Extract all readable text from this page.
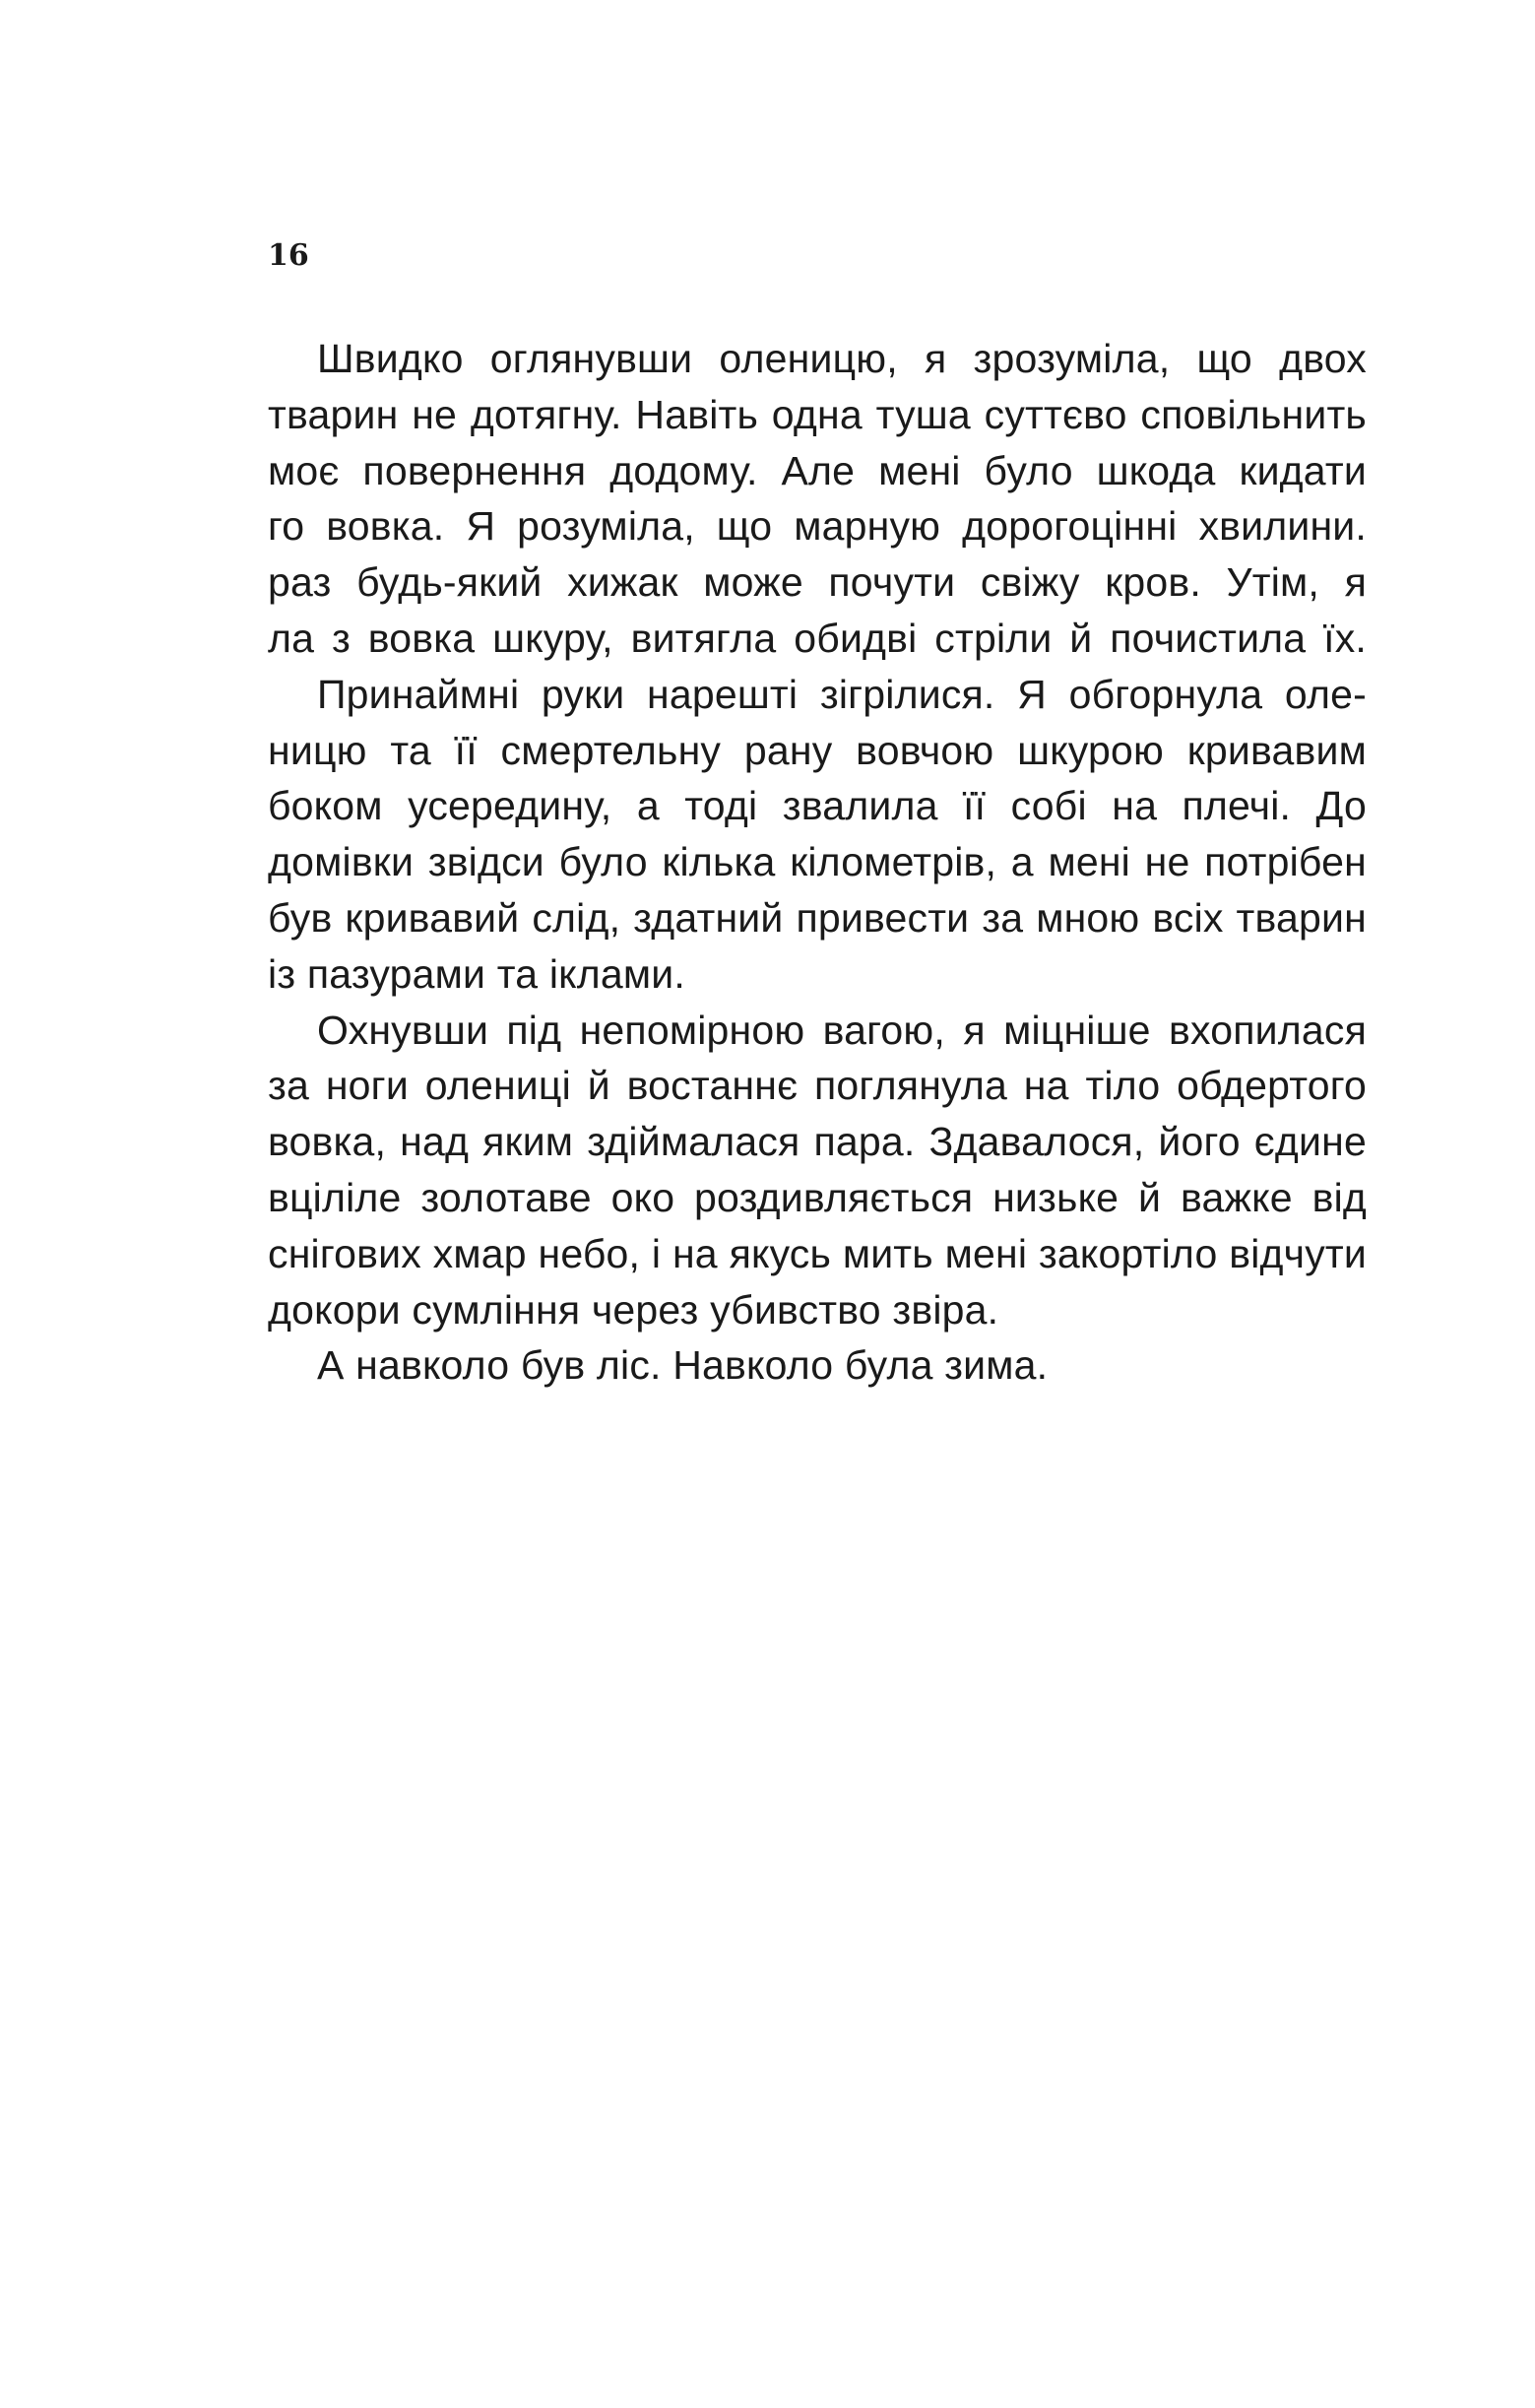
16

Швидко оглянувши оленицю, я зрозуміла, що двох
тварин не дотягну. Навіть одна туша суттєво сповільнить
моє повернення додому. Але мені було шкода кидати
го вовка. Я розуміла, що марную дорогоцінні хвилини.
раз будь-який хижак може почути свіжу кров. Утім, я
ла з вовка шкуру, витягла обидві стріли й почистила їх.

Принаймні руки нарешті зігрілися. Я обгорнула оле-
ницю та її смертельну рану вовчою шкурою кривавим
боком усередину, а тоді звалила її собі на плечі. До
домівки звідси було кілька кілометрів, а мені не потрібен
був кривавий слід, здатний привести за мною всіх тварин
із пазурами та іклами.

Охнувши під непомірною вагою, я міцніше вхопилася
за ноги олениці й востаннє поглянула на тіло обдертого
вовка, над яким здіймалася пара. Здавалося, його єдине
вціліле золотаве око роздивляється низьке й важке від
снігових хмар небо, і на якусь мить мені закортіло відчути
докори сумління через убивство звіра.

А навколо був ліс. Навколо була зима.
